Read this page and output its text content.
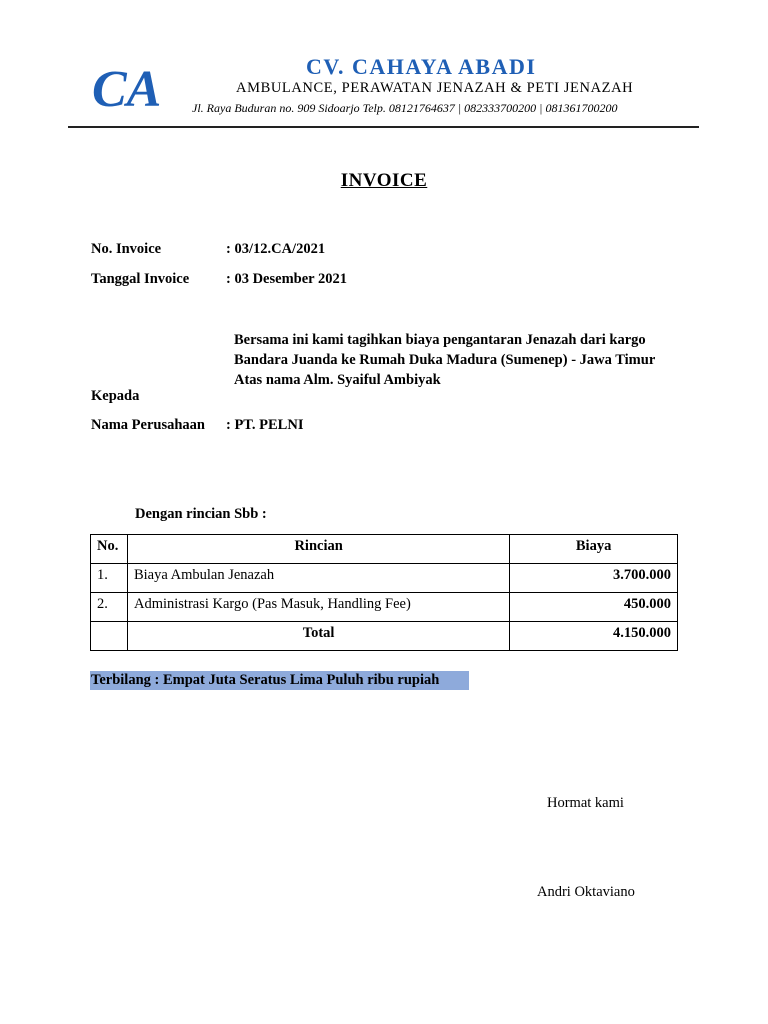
CA	CV. CAHAYA ABADI
AMBULANCE, PERAWATAN JENAZAH & PETI JENAZAH
Jl. Raya Buduran no. 909 Sidoarjo Telp. 08121764637 | 082333700200 | 081361700200
INVOICE
No. Invoice	: 03/12.CA/2021
Tanggal Invoice	: 03 Desember 2021
Bersama ini kami tagihkan biaya pengantaran Jenazah dari kargo
Bandara Juanda ke Rumah Duka Madura (Sumenep) - Jawa Timur
Atas nama Alm. Syaiful Ambiyak
Kepada
Nama Perusahaan : PT. PELNI
Dengan rincian Sbb :
No.	Rincian	Biaya
1.	Biaya Ambulan Jenazah	3.700.000
2.	Administrasi Kargo (Pas Masuk, Handling Fee)	450.000
	Total	4.150.000
Terbilang : Empat Juta Seratus Lima Puluh ribu rupiah
Hormat kami
Andri Oktaviano
